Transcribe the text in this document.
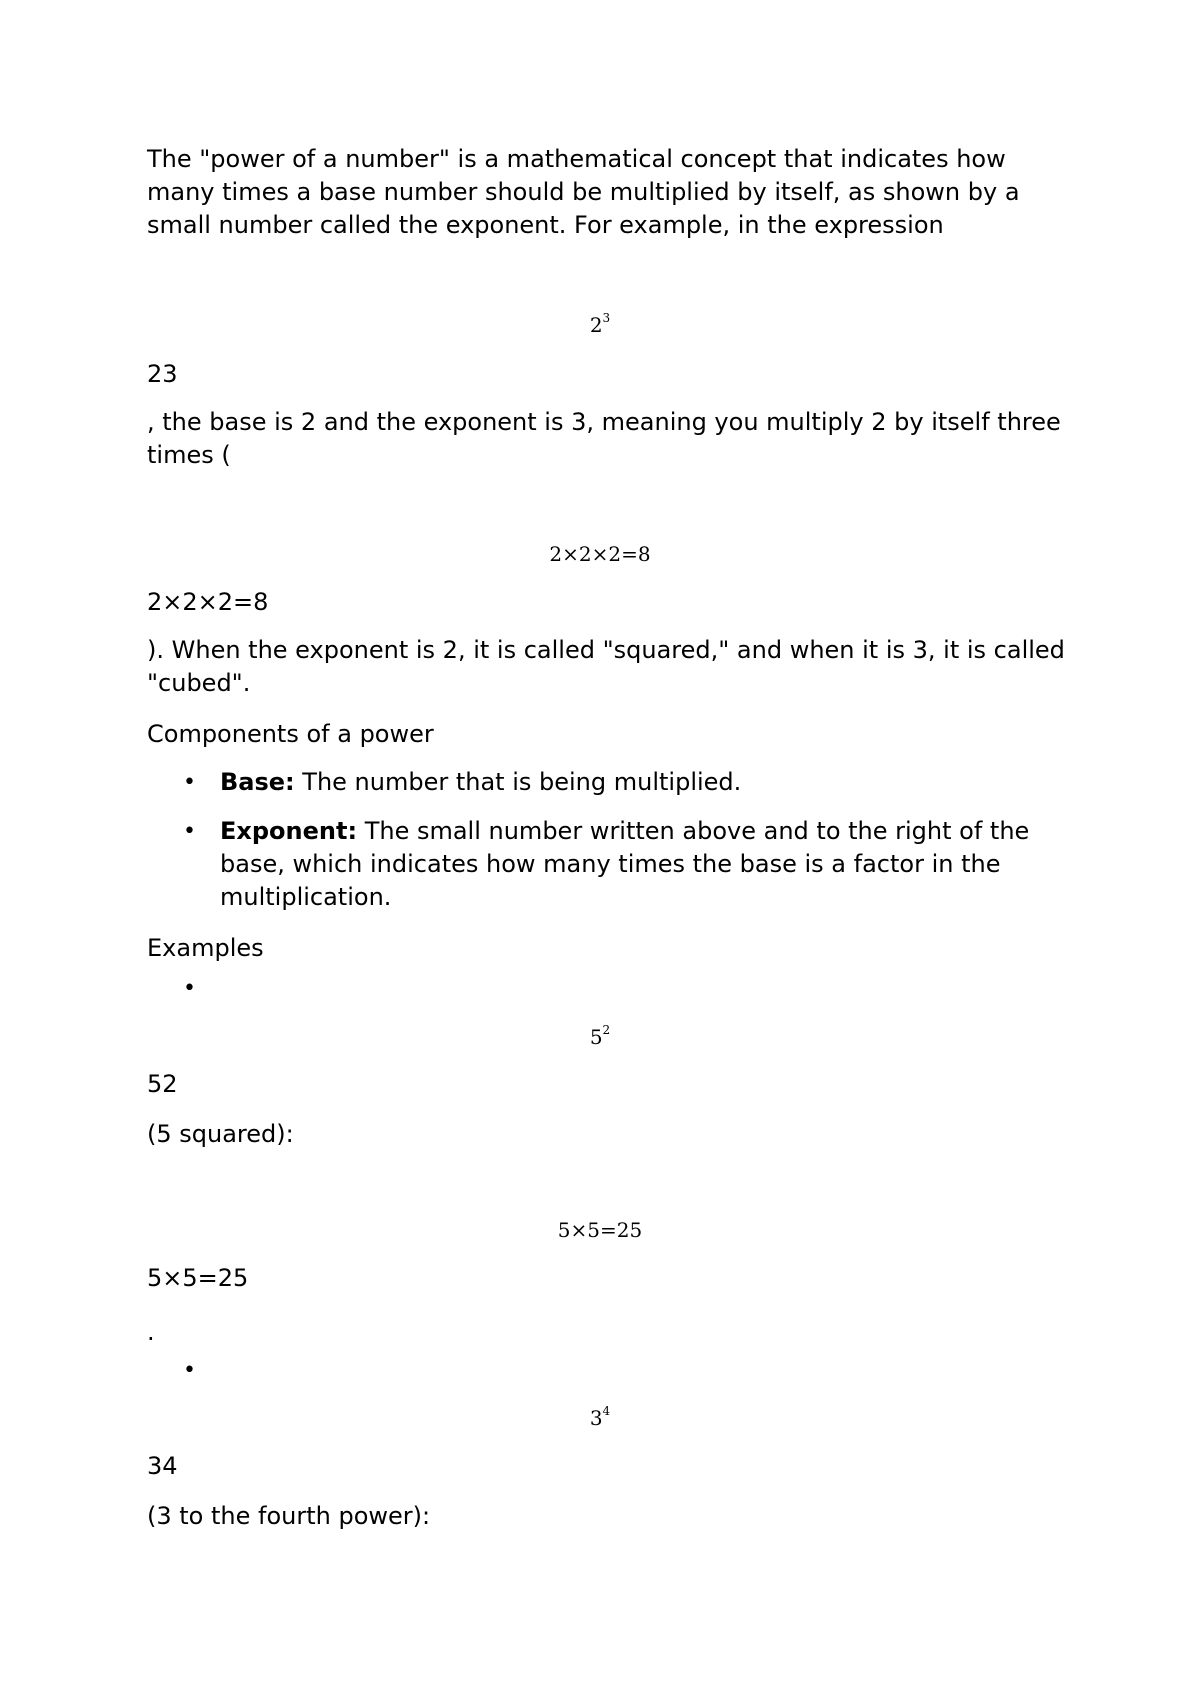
The "power of a number" is a mathematical concept that indicates how many times a base number should be multiplied by itself, as shown by a small number called the exponent. For example, in the expression

$2^3$

23

, the base is 2 and the exponent is 3, meaning you multiply 2 by itself three times (

2×2×2=8

2×2×2=8

). When the exponent is 2, it is called "squared," and when it is 3, it is called "cubed".

Components of a power

• Base: The number that is being multiplied.

• Exponent: The small number written above and to the right of the base, which indicates how many times the base is a factor in the multiplication.

Examples

•
$5^2$

52

(5 squared):

5×5=25

5×5=25

.

•
$3^4$

34

(3 to the fourth power):
